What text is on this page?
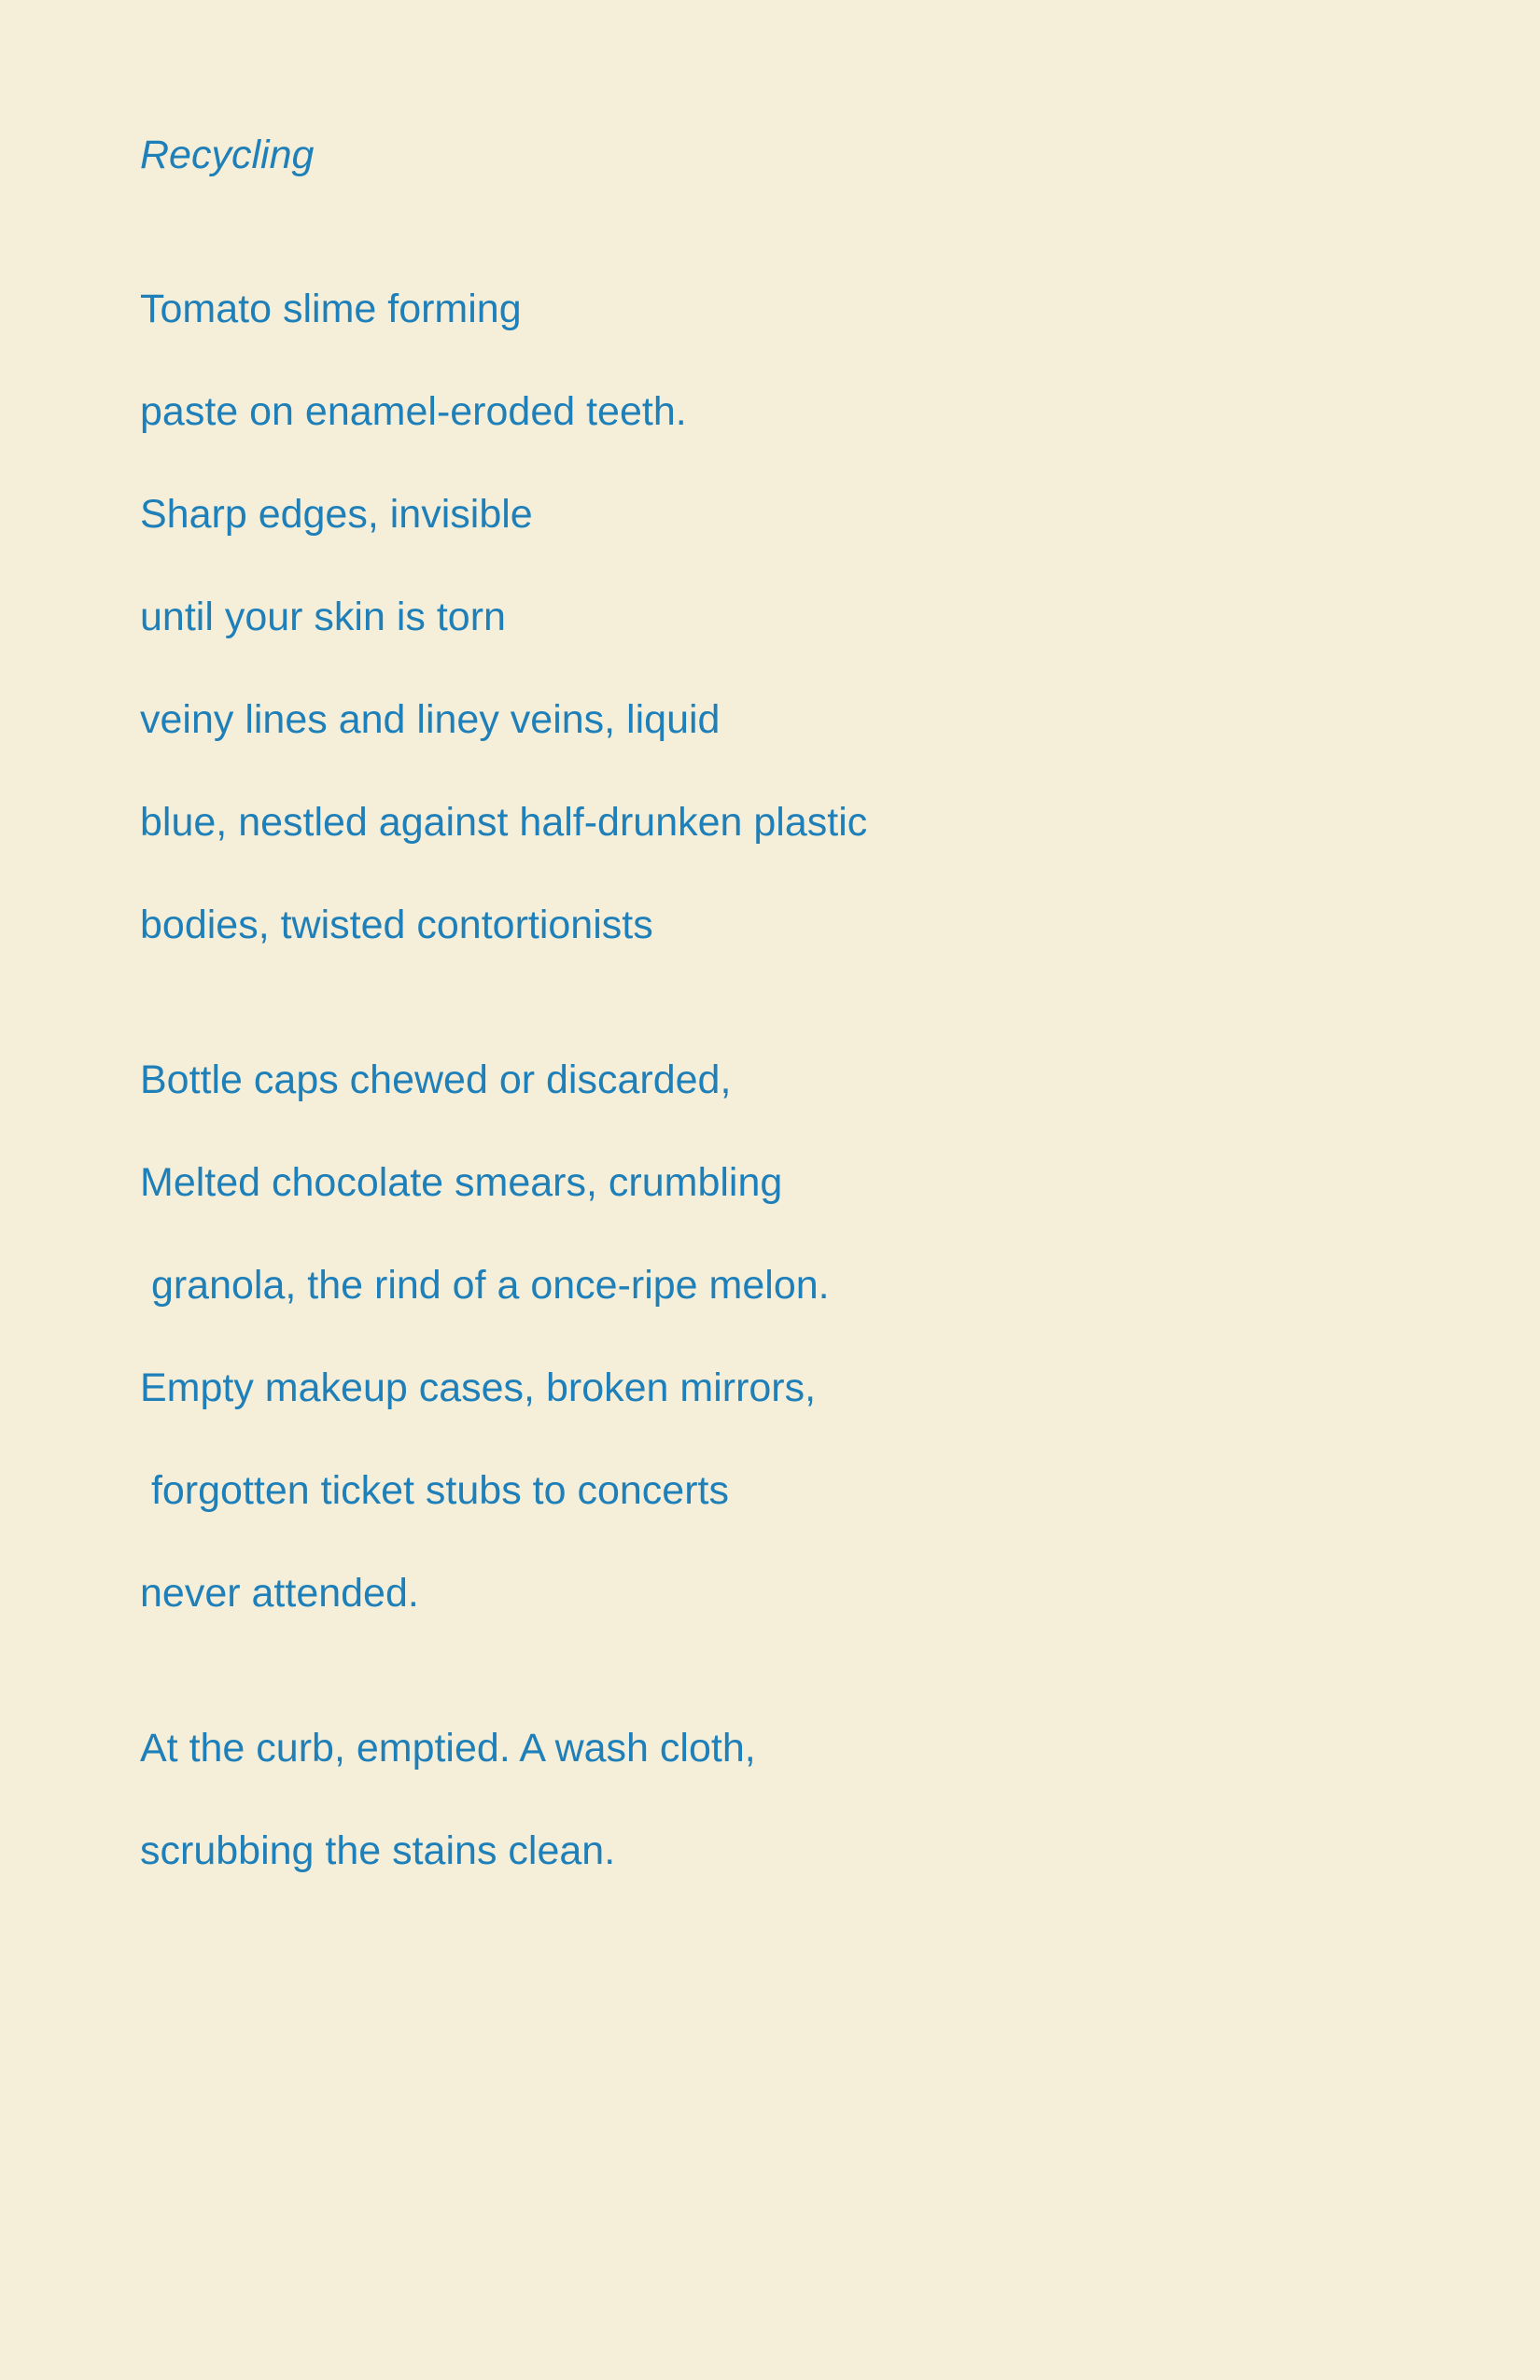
Recycling

Tomato slime forming

paste on enamel-eroded teeth.

Sharp edges, invisible

until your skin is torn

veiny lines and liney veins, liquid

blue, nestled against half-drunken plastic

bodies, twisted contortionists

Bottle caps chewed or discarded,

Melted chocolate smears, crumbling

granola, the rind of a once-ripe melon.

Empty makeup cases, broken mirrors,

forgotten ticket stubs to concerts

never attended.

At the curb, emptied. A wash cloth,

scrubbing the stains clean.
